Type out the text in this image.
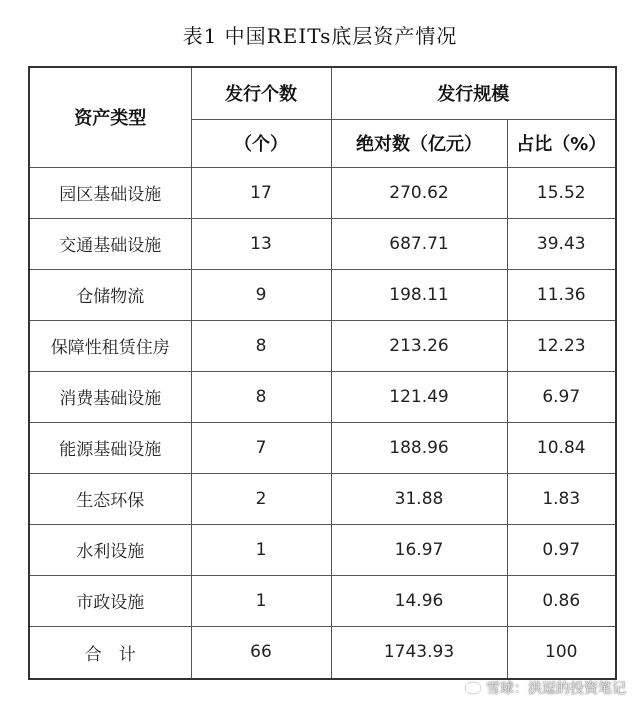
表1 中国REITs底层资产情况
资产类型	发行个数	发行规模	
	（个）	绝对数（亿元）	占比（%）
园区基础设施	17	270.62	15.52
交通基础设施	13	687.71	39.43
仓储物流	9	198.11	11.36
保障性租赁住房	8	213.26	12.23
消费基础设施	8	121.49	6.97
能源基础设施	7	188.96	10.84
生态环保	2	31.88	1.83
水利设施	1	16.97	0.97
市政设施	1	14.96	0.86
合　计	66	1743.93	100
雪球：洪逗的投资笔记
